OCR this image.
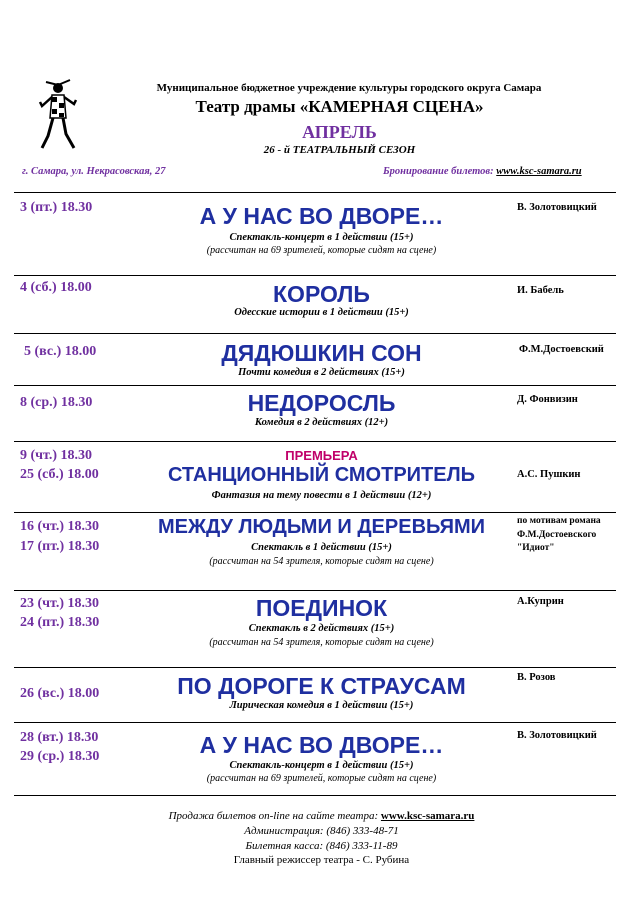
Муниципальное бюджетное учреждение культуры городского округа Самара
Театр драмы «КАМЕРНАЯ СЦЕНА»
АПРЕЛЬ
26 - й ТЕАТРАЛЬНЫЙ СЕЗОН
г. Самара, ул. Некрасовская, 27	Бронирование билетов: www.ksc-samara.ru
3 (пт.) 18.30	А У НАС ВО ДВОРЕ…
Спектакль-концерт в 1 действии (15+)
(рассчитан на 69 зрителей, которые сидят на сцене)
В. Золотовицкий
4 (сб.) 18.00	КОРОЛЬ
Одесские истории в 1 действии (15+)
И. Бабель
5 (вс.) 18.00	ДЯДЮШКИН СОН
Почти комедия в 2 действиях (15+)
Ф.М.Достоевский
8 (ср.) 18.30	НЕДОРОСЛЬ
Комедия в 2 действиях (12+)
Д. Фонвизин
9 (чт.) 18.30
25 (сб.) 18.00
ПРЕМЬЕРА
СТАНЦИОННЫЙ СМОТРИТЕЛЬ
Фантазия на тему повести в 1 действии (12+)
А.С. Пушкин
16 (чт.) 18.30
17 (пт.) 18.30
МЕЖДУ ЛЮДЬМИ И ДЕРЕВЬЯМИ
Спектакль в 1 действии (15+)
(рассчитан на 54 зрителя, которые сидят на сцене)
по мотивам романа
Ф.М.Достоевского
"Идиот"
23 (чт.) 18.30
24 (пт.) 18.30
ПОЕДИНОК
Спектакль в 2 действиях (15+)
(рассчитан на 54 зрителя, которые сидят на сцене)
А.Куприн
26 (вс.) 18.00	ПО ДОРОГЕ К СТРАУСАМ
Лирическая комедия в 1 действии (15+)
В. Розов
28 (вт.) 18.30
29 (ср.) 18.30	А У НАС ВО ДВОРЕ…
Спектакль-концерт в 1 действии (15+)
(рассчитан на 69 зрителей, которые сидят на сцене)
В. Золотовицкий
Продажа билетов on-line на сайте театра: www.ksc-samara.ru
Администрация: (846) 333-48-71
Билетная касса: (846) 333-11-89
Главный режиссер театра - С. Рубина
